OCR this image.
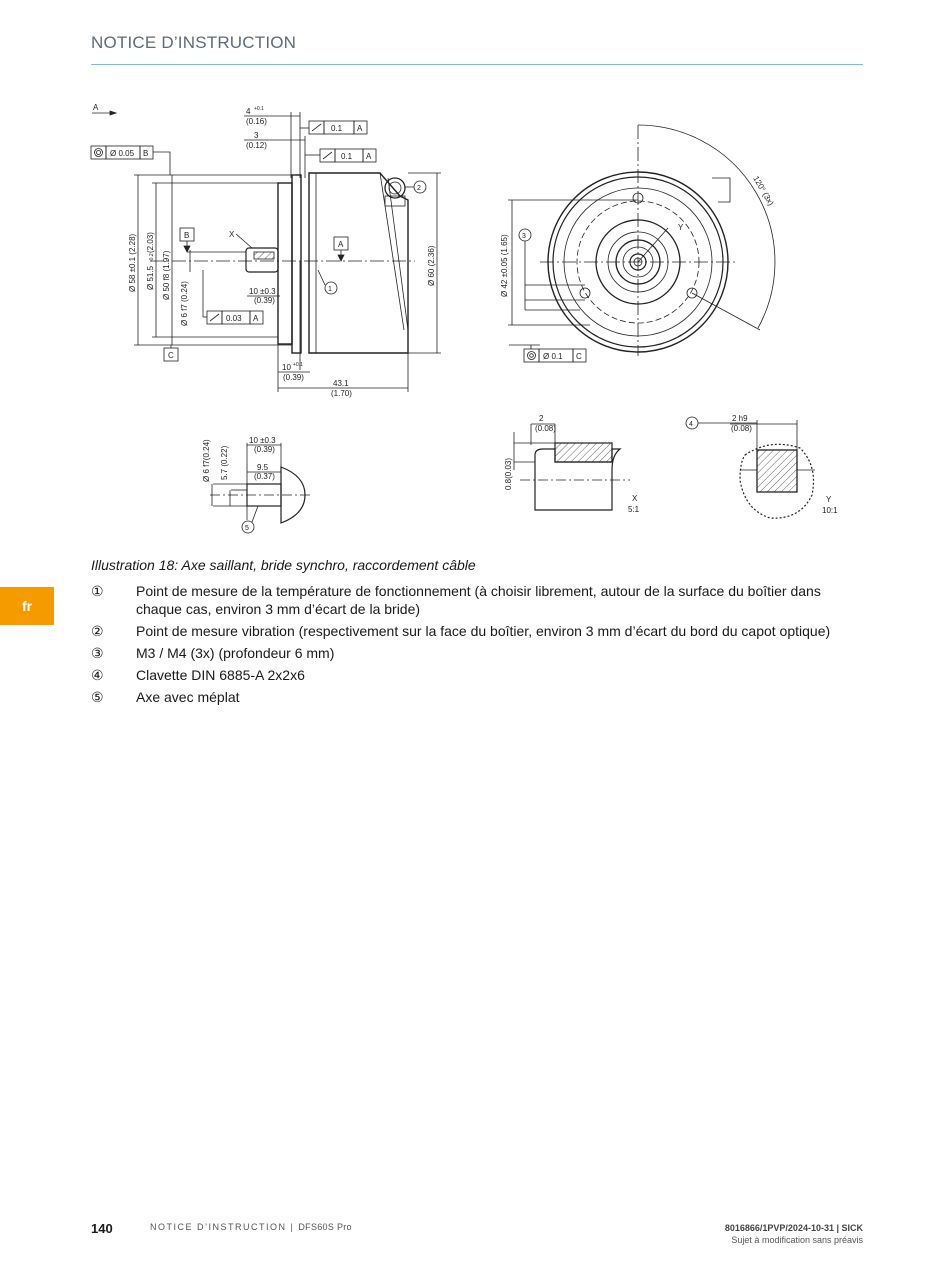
NOTICE D’INSTRUCTION
fr
A
Ø 0.05 B
4 +0.1
(0.16)
3
(0.12)
0.1 A
0.1 A
2
B
A
X
Ø 58 ±0.1 (2.28) Ø 51.5
-0.2
(2.03)
Ø 50 f8 (1.97)
Ø 6 f7 (0.24)
C
0.03 A
10 ±0.3
(0.39)
1
Ø 60 (2.36)
10 +0.1
(0.39)
43.1
(1.70)
Y
120° (3x)
Ø 42 ±0.05 (1.65) 3
Ø 0.1 C
Ø 6 f7(0.24) 5.7 (0.22)
10 ±0.3
(0.39)
9.5
(0.37)
5
2
(0.08)
0.8(0.03)
X
5:1
4
2 h9
(0.08)
Y
10:1
Illustration 18: Axe saillant, bride synchro, raccordement câble
①	Point de mesure de la température de fonctionnement (à choisir librement, autour de la surface du boîtier dans chaque cas, environ 3 mm d’écart de la bride)
②	Point de mesure vibration (respectivement sur la face du boîtier, environ 3 mm d’écart du bord du capot optique)
③	M3 / M4 (3x) (profondeur 6 mm)
④	Clavette DIN 6885-A 2x2x6
⑤	Axe avec méplat
140	NOTICE D’INSTRUCTION | DFS60S Pro	8016866/1PVP/2024-10-31 | SICK
Sujet à modification sans préavis
